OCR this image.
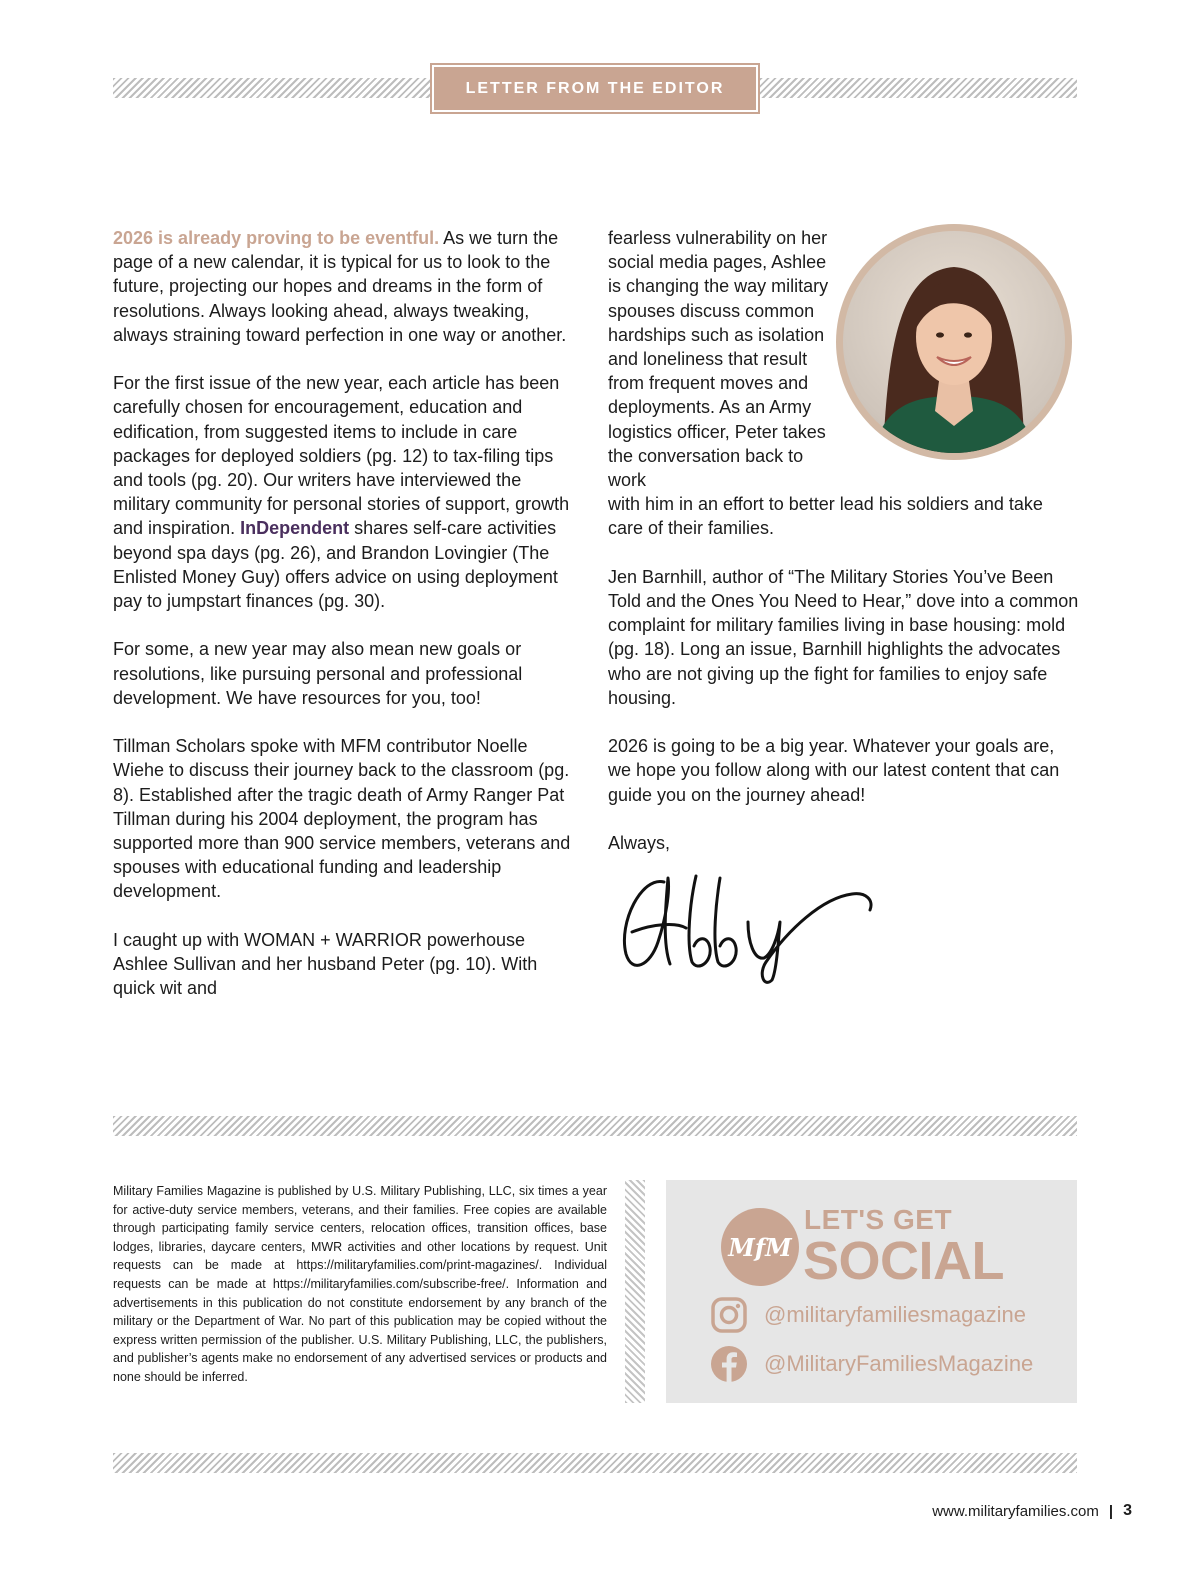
LETTER FROM THE EDITOR

2026 is already proving to be eventful. As we turn the page of a new calendar, it is typical for us to look to the future, projecting our hopes and dreams in the form of resolutions. Always looking ahead, always tweaking, always straining toward perfection in one way or another.

For the first issue of the new year, each article has been carefully chosen for encouragement, education and edification, from suggested items to include in care packages for deployed soldiers (pg. 12) to tax-filing tips and tools (pg. 20). Our writers have interviewed the military community for personal stories of support, growth and inspiration. InDependent shares self-care activities beyond spa days (pg. 26), and Brandon Lovingier (The Enlisted Money Guy) offers advice on using deployment pay to jumpstart finances (pg. 30).

For some, a new year may also mean new goals or resolutions, like pursuing personal and professional development. We have resources for you, too!

Tillman Scholars spoke with MFM contributor Noelle Wiehe to discuss their journey back to the classroom (pg. 8). Established after the tragic death of Army Ranger Pat Tillman during his 2004 deployment, the program has supported more than 900 service members, veterans and spouses with educational funding and leadership development.

I caught up with WOMAN + WARRIOR powerhouse Ashlee Sullivan and her husband Peter (pg. 10). With quick wit and

fearless vulnerability on her social media pages, Ashlee is changing the way military spouses discuss common hardships such as isolation and loneliness that result from frequent moves and deployments. As an Army logistics officer, Peter takes the conversation back to work
with him in an effort to better lead his soldiers and take care of their families.

Jen Barnhill, author of “The Military Stories You’ve Been Told and the Ones You Need to Hear,” dove into a common complaint for military families living in base housing: mold (pg. 18). Long an issue, Barnhill highlights the advocates who are not giving up the fight for families to enjoy safe housing.

2026 is going to be a big year. Whatever your goals are, we hope you follow along with our latest content that can guide you on the journey ahead!

Always,

Military Families Magazine is published by U.S. Military Publishing, LLC, six times a year for active-duty service members, veterans, and their families. Free copies are available through participating family service centers, relocation offices, transition offices, base lodges, libraries, daycare centers, MWR activities and other locations by request. Unit requests can be made at https://militaryfamilies.com/print-magazines/. Individual requests can be made at https://militaryfamilies.com/subscribe-free/. Information and advertisements in this publication do not constitute endorsement by any branch of the military or the Department of War. No part of this publication may be copied without the express written permission of the publisher. U.S. Military Publishing, LLC, the publishers, and publisher’s agents make no endorsement of any advertised services or products and none should be inferred.
MfM
LET'S GET
SOCIAL
@militaryfamiliesmagazine
@MilitaryFamiliesMagazine
www.militaryfamilies.com | 3
